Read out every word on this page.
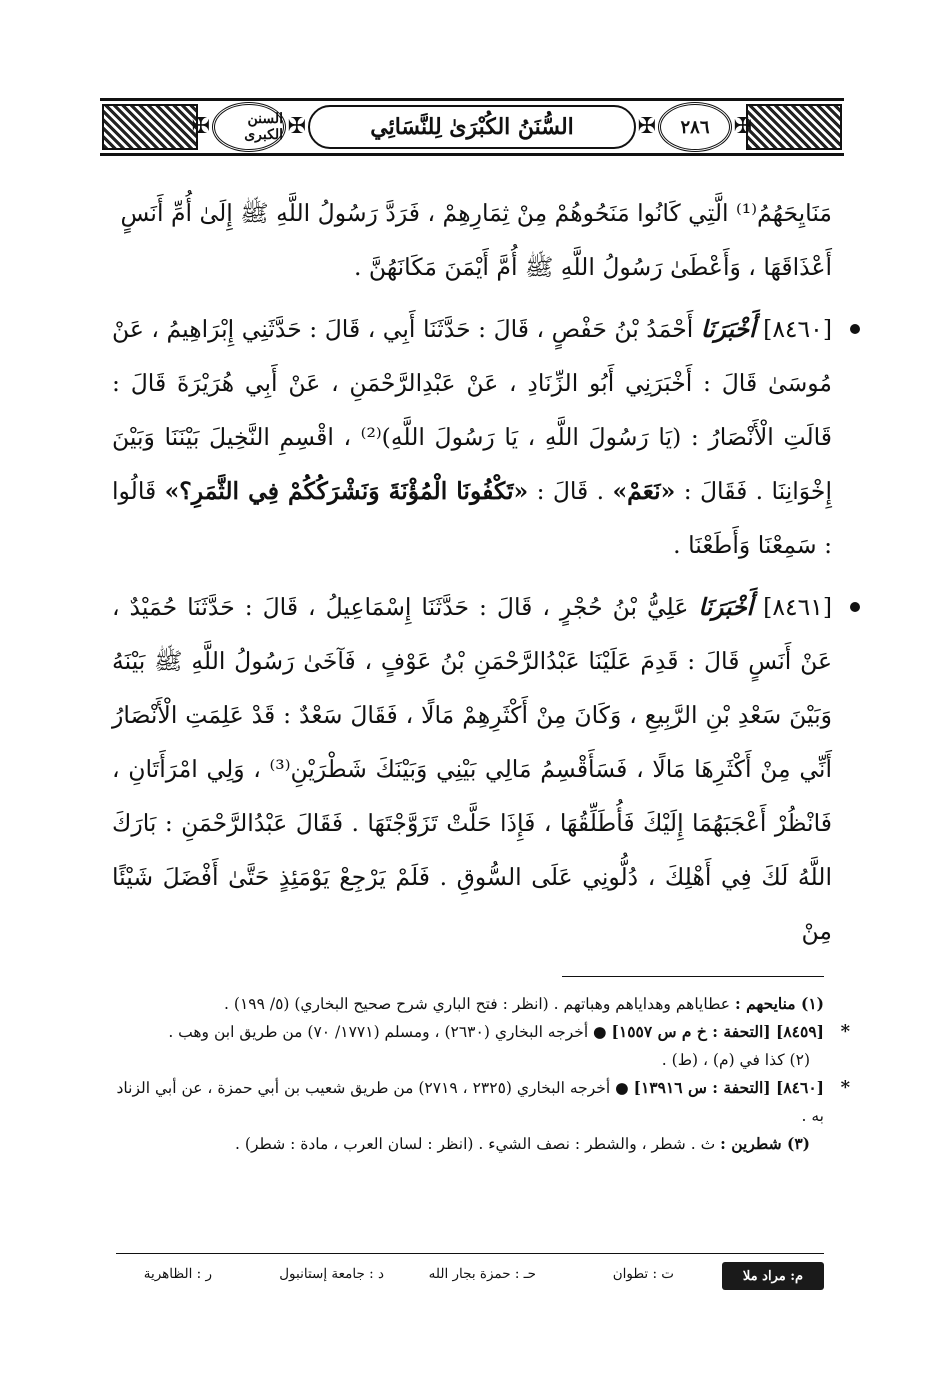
✠	✠
✠	✠
السنن الكبرى	٢٨٦
السُّنَنُ الكُبْرَىٰ لِلنَّسَائِي

مَنَايِحَهُمُ⁽¹⁾ الَّتِي كَانُوا مَنَحُوهُمْ مِنْ ثِمَارِهِمْ ، فَرَدَّ رَسُولُ اللَّهِ ﷺ إِلَىٰ أُمِّ أَنَسٍ

أَعْذَاقَهَا ، وَأَعْطَىٰ رَسُولُ اللَّهِ ﷺ أُمَّ أَيْمَنَ مَكَانَهُنَّ .

[٨٤٦٠] أَخْبَرَنَا أَحْمَدُ بْنُ حَفْصٍ ، قَالَ : حَدَّثَنَا أَبِي ، قَالَ : حَدَّثَنِي إِبْرَاهِيمُ ، عَنْ مُوسَىٰ قَالَ : أَخْبَرَنِي أَبُو الزِّنَادِ ، عَنْ عَبْدِالرَّحْمَنِ ، عَنْ أَبِي هُرَيْرَةَ قَالَ : قَالَتِ الْأَنْصَارُ : (يَا رَسُولَ اللَّهِ ، يَا رَسُولَ اللَّهِ)⁽²⁾ ، اقْسِمِ النَّخِيلَ بَيْنَنَا وَبَيْنَ إِخْوَانِنَا . فَقَالَ : «نَعَمْ» . قَالَ : «تَكْفُونَا الْمُؤْنَةَ وَنَشْرَكُكُمْ فِي الثَّمَرِ؟» قَالُوا : سَمِعْنَا وَأَطَعْنَا .

[٨٤٦١] أَخْبَرَنَا عَلِيُّ بْنُ حُجْرٍ ، قَالَ : حَدَّثَنَا إِسْمَاعِيلُ ، قَالَ : حَدَّثَنَا حُمَيْدٌ ، عَنْ أَنَسٍ قَالَ : قَدِمَ عَلَيْنَا عَبْدُالرَّحْمَنِ بْنُ عَوْفٍ ، فَآخَىٰ رَسُولُ اللَّهِ ﷺ بَيْنَهُ وَبَيْنَ سَعْدِ بْنِ الرَّبِيعِ ، وَكَانَ مِنْ أَكْثَرِهِمْ مَالًا ، فَقَالَ سَعْدٌ : قَدْ عَلِمَتِ الْأَنْصَارُ أَنِّي مِنْ أَكْثَرِهَا مَالًا ، فَسَأَقْسِمُ مَالِي بَيْنِي وَبَيْنَكَ شَطْرَيْنِ⁽³⁾ ، وَلِي امْرَأَتَانِ ، فَانْظُرْ أَعْجَبَهُمَا إِلَيْكَ فَأُطَلِّقُهَا ، فَإِذَا حَلَّتْ تَزَوَّجْتَهَا . فَقَالَ عَبْدُالرَّحْمَنِ : بَارَكَ اللَّهُ لَكَ فِي أَهْلِكَ ، دُلُّونِي عَلَى السُّوقِ . فَلَمْ يَرْجِعْ يَوْمَئِذٍ حَتَّىٰ أَفْضَلَ شَيْئًا مِنْ

(١) منايحهم : عطاياهم وهداياهم وهباتهم . (انظر : فتح الباري شرح صحيح البخاري) (٥/ ١٩٩) .

*
[٨٤٥٩] [التحفة : خ م س ١٥٥٧] ● أخرجه البخاري (٢٦٣٠) ، ومسلم (١٧٧١/ ٧٠) من طريق ابن وهب .

(٢) كذا في (م) ، (ط) .

*
[٨٤٦٠] [التحفة : س ١٣٩١٦] ● أخرجه البخاري (٢٣٢٥ ، ٢٧١٩) من طريق شعيب بن أبي حمزة ، عن أبي الزناد به .

(٣) شطرين : ث . شطر ، والشطر : نصف الشيء . (انظر : لسان العرب ، مادة : شطر) .

م: مراد ملا
ت : تطوان
حـ : حمزة بجار الله
د : جامعة إستانبول
ر : الظاهرية
